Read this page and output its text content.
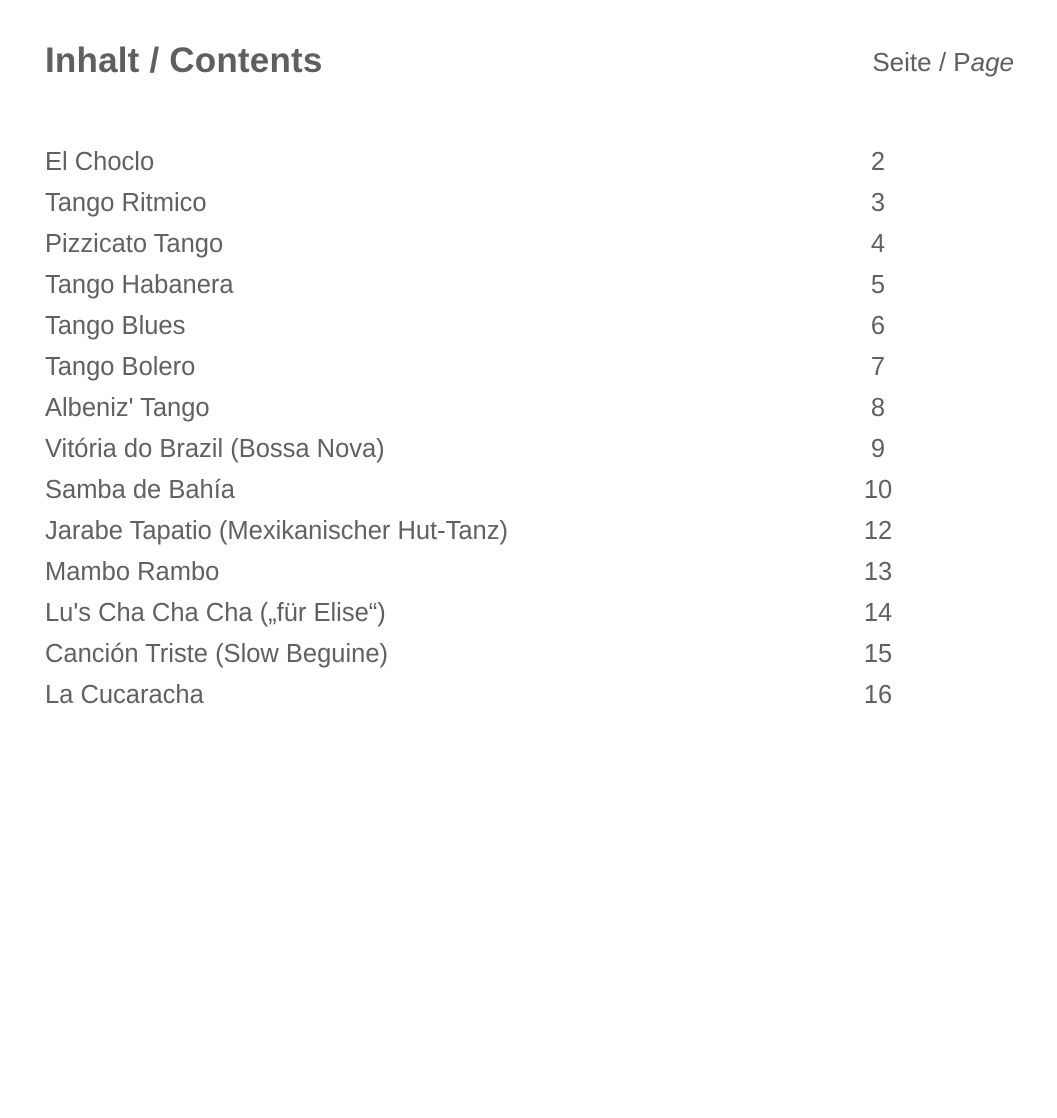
Inhalt / Contents	Seite / Page
El Choclo	2
Tango Ritmico	3
Pizzicato Tango	4
Tango Habanera	5
Tango Blues	6
Tango Bolero	7
Albeniz' Tango	8
Vitória do Brazil (Bossa Nova)	9
Samba de Bahía	10
Jarabe Tapatio (Mexikanischer Hut-Tanz)	12
Mambo Rambo	13
Lu's Cha Cha Cha („für Elise“)	14
Canción Triste (Slow Beguine)	15
La Cucaracha	16
